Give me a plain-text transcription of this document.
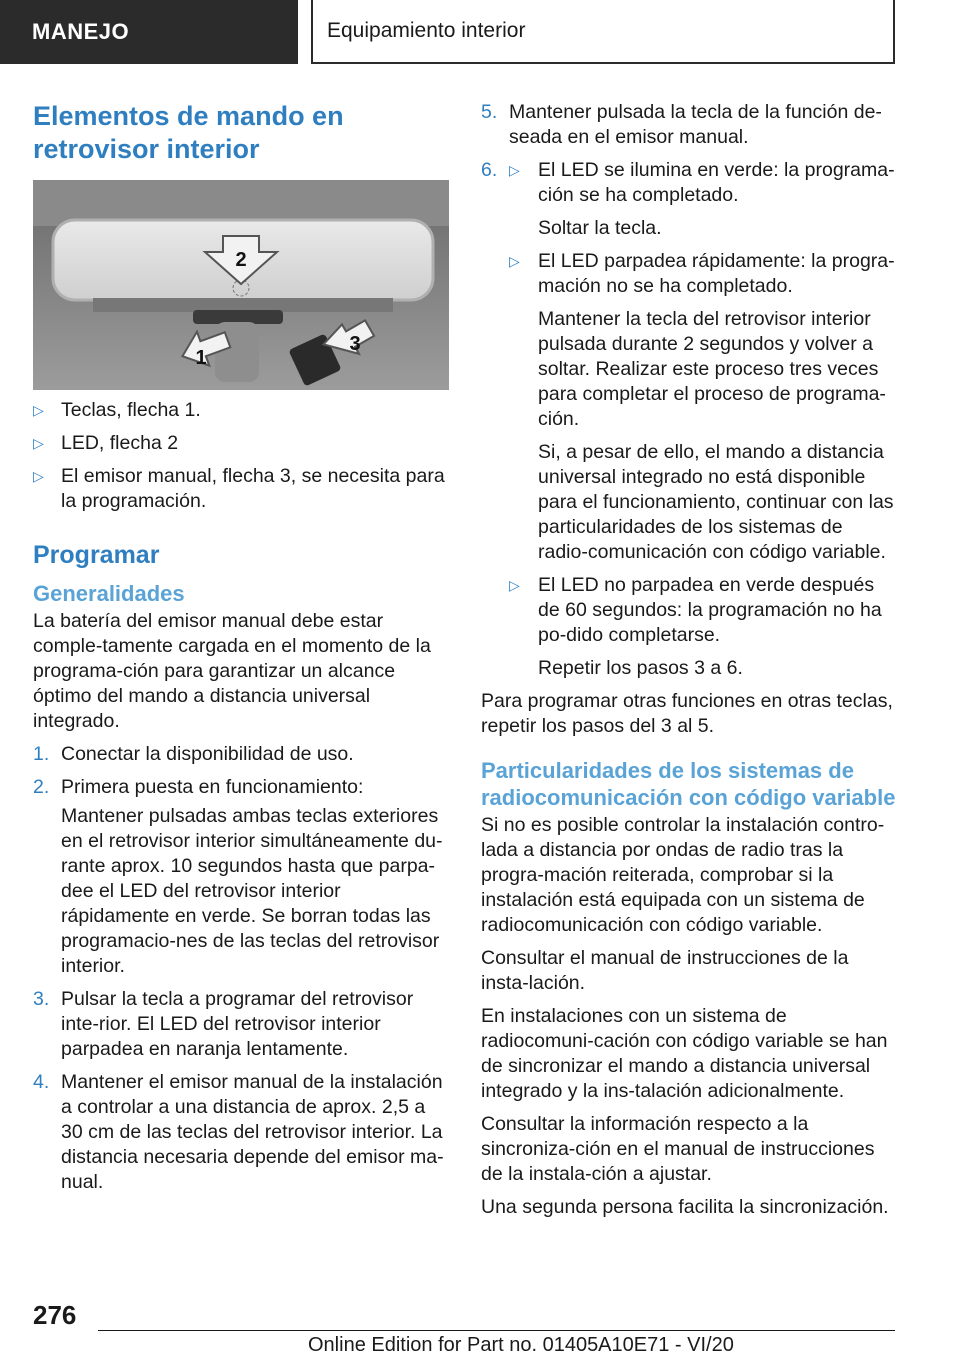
MANEJO	Equipamiento interior
Elementos de mando en retrovisor interior
2
1
3
▷ Teclas, flecha 1.
▷ LED, flecha 2
▷ El emisor manual, flecha 3, se necesita para la programación.
Programar
Generalidades

La batería del emisor manual debe estar comple‐tamente cargada en el momento de la programa‐ción para garantizar un alcance óptimo del mando a distancia universal integrado.

1. Conectar la disponibilidad de uso.
2. Primera puesta en funcionamiento:
Mantener pulsadas ambas teclas exteriores en el retrovisor interior simultáneamente du‐rante aprox. 10 segundos hasta que parpa‐dee el LED del retrovisor interior rápidamente en verde. Se borran todas las programacio‐nes de las teclas del retrovisor interior.
3. Pulsar la tecla a programar del retrovisor inte‐rior. El LED del retrovisor interior parpadea en naranja lentamente.
4. Mantener el emisor manual de la instalación a controlar a una distancia de aprox. 2,5 a 30 cm de las teclas del retrovisor interior. La distancia necesaria depende del emisor ma‐nual.
5. Mantener pulsada la tecla de la función de‐seada en el emisor manual.
6. ▷ El LED se ilumina en verde: la programa‐ción se ha completado.
Soltar la tecla.
▷ El LED parpadea rápidamente: la progra‐mación no se ha completado.
Mantener la tecla del retrovisor interior pulsada durante 2 segundos y volver a soltar. Realizar este proceso tres veces para completar el proceso de programa‐ción.
Si, a pesar de ello, el mando a distancia universal integrado no está disponible para el funcionamiento, continuar con las particularidades de los sistemas de radio‐comunicación con código variable.
▷ El LED no parpadea en verde después de 60 segundos: la programación no ha po‐dido completarse.
Repetir los pasos 3 a 6.

Para programar otras funciones en otras teclas, repetir los pasos del 3 al 5.

Particularidades de los sistemas de radiocomunicación con código variable

Si no es posible controlar la instalación contro‐lada a distancia por ondas de radio tras la progra‐mación reiterada, comprobar si la instalación está equipada con un sistema de radiocomunicación con código variable.

Consultar el manual de instrucciones de la insta‐lación.

En instalaciones con un sistema de radiocomuni‐cación con código variable se han de sincronizar el mando a distancia universal integrado y la ins‐talación adicionalmente.

Consultar la información respecto a la sincroniza‐ción en el manual de instrucciones de la instala‐ción a ajustar.

Una segunda persona facilita la sincronización.

276
Online Edition for Part no. 01405A10E71 - VI/20
